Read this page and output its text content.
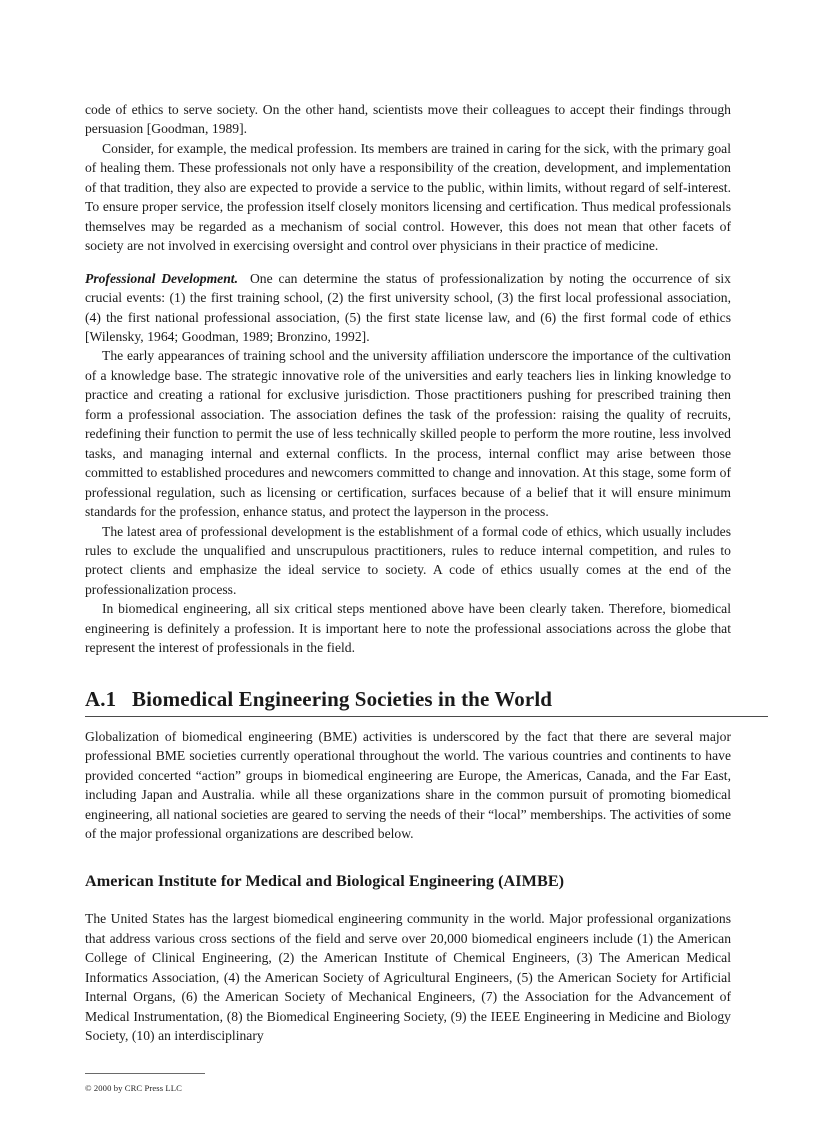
code of ethics to serve society. On the other hand, scientists move their colleagues to accept their findings through persuasion [Goodman, 1989].

Consider, for example, the medical profession. Its members are trained in caring for the sick, with the primary goal of healing them. These professionals not only have a responsibility of the creation, development, and implementation of that tradition, they also are expected to provide a service to the public, within limits, without regard of self-interest. To ensure proper service, the profession itself closely monitors licensing and certification. Thus medical professionals themselves may be regarded as a mechanism of social control. However, this does not mean that other facets of society are not involved in exercising oversight and control over physicians in their practice of medicine.

Professional Development. One can determine the status of professionalization by noting the occurrence of six crucial events: (1) the first training school, (2) the first university school, (3) the first local professional association, (4) the first national professional association, (5) the first state license law, and (6) the first formal code of ethics [Wilensky, 1964; Goodman, 1989; Bronzino, 1992].

The early appearances of training school and the university affiliation underscore the importance of the cultivation of a knowledge base. The strategic innovative role of the universities and early teachers lies in linking knowledge to practice and creating a rational for exclusive jurisdiction. Those practitioners pushing for prescribed training then form a professional association. The association defines the task of the profession: raising the quality of recruits, redefining their function to permit the use of less technically skilled people to perform the more routine, less involved tasks, and managing internal and external conflicts. In the process, internal conflict may arise between those committed to established procedures and newcomers committed to change and innovation. At this stage, some form of professional regulation, such as licensing or certification, surfaces because of a belief that it will ensure minimum standards for the profession, enhance status, and protect the layperson in the process.

The latest area of professional development is the establishment of a formal code of ethics, which usually includes rules to exclude the unqualified and unscrupulous practitioners, rules to reduce internal competition, and rules to protect clients and emphasize the ideal service to society. A code of ethics usually comes at the end of the professionalization process.

In biomedical engineering, all six critical steps mentioned above have been clearly taken. Therefore, biomedical engineering is definitely a profession. It is important here to note the professional associations across the globe that represent the interest of professionals in the field.

A.1 Biomedical Engineering Societies in the World

Globalization of biomedical engineering (BME) activities is underscored by the fact that there are several major professional BME societies currently operational throughout the world. The various countries and continents to have provided concerted “action” groups in biomedical engineering are Europe, the Americas, Canada, and the Far East, including Japan and Australia. while all these organizations share in the common pursuit of promoting biomedical engineering, all national societies are geared to serving the needs of their “local” memberships. The activities of some of the major professional organizations are described below.

American Institute for Medical and Biological Engineering (AIMBE)

The United States has the largest biomedical engineering community in the world. Major professional organizations that address various cross sections of the field and serve over 20,000 biomedical engineers include (1) the American College of Clinical Engineering, (2) the American Institute of Chemical Engineers, (3) The American Medical Informatics Association, (4) the American Society of Agricultural Engineers, (5) the American Society for Artificial Internal Organs, (6) the American Society of Mechanical Engineers, (7) the Association for the Advancement of Medical Instrumentation, (8) the Biomedical Engineering Society, (9) the IEEE Engineering in Medicine and Biology Society, (10) an interdisciplinary

© 2000 by CRC Press LLC
